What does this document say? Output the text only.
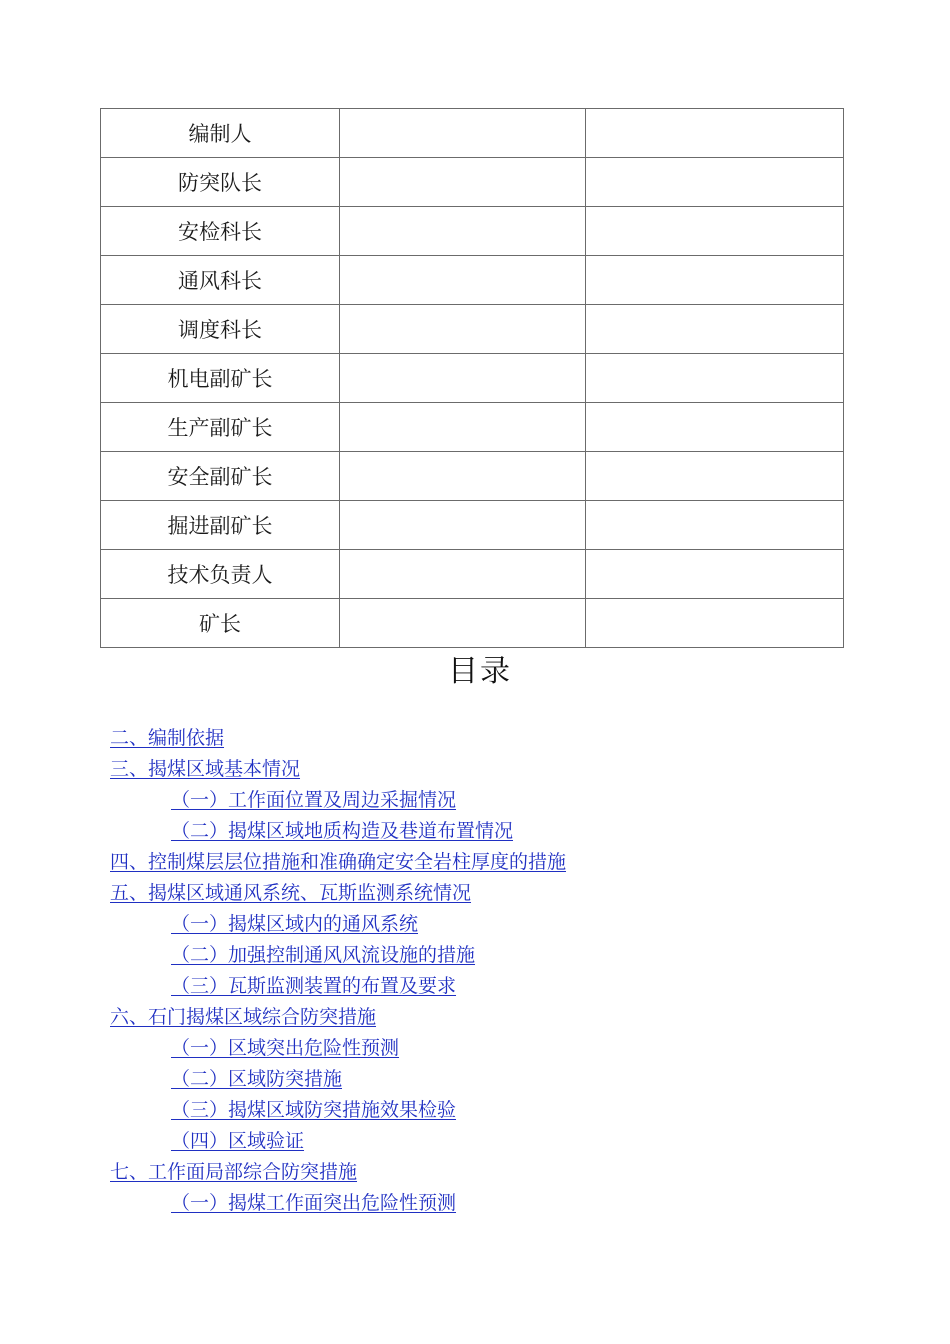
编制人		
防突队长		
安检科长		
通风科长		
调度科长		
机电副矿长		
生产副矿长		
安全副矿长		
掘进副矿长		
技术负责人		
矿长		
目录
二、编制依据
三、揭煤区域基本情况
（一）工作面位置及周边采掘情况
（二）揭煤区域地质构造及巷道布置情况
四、控制煤层层位措施和准确确定安全岩柱厚度的措施
五、揭煤区域通风系统、瓦斯监测系统情况
（一）揭煤区域内的通风系统
（二）加强控制通风风流设施的措施
（三）瓦斯监测装置的布置及要求
六、石门揭煤区域综合防突措施
（一）区域突出危险性预测
（二）区域防突措施
（三）揭煤区域防突措施效果检验
（四）区域验证
七、工作面局部综合防突措施
（一）揭煤工作面突出危险性预测
